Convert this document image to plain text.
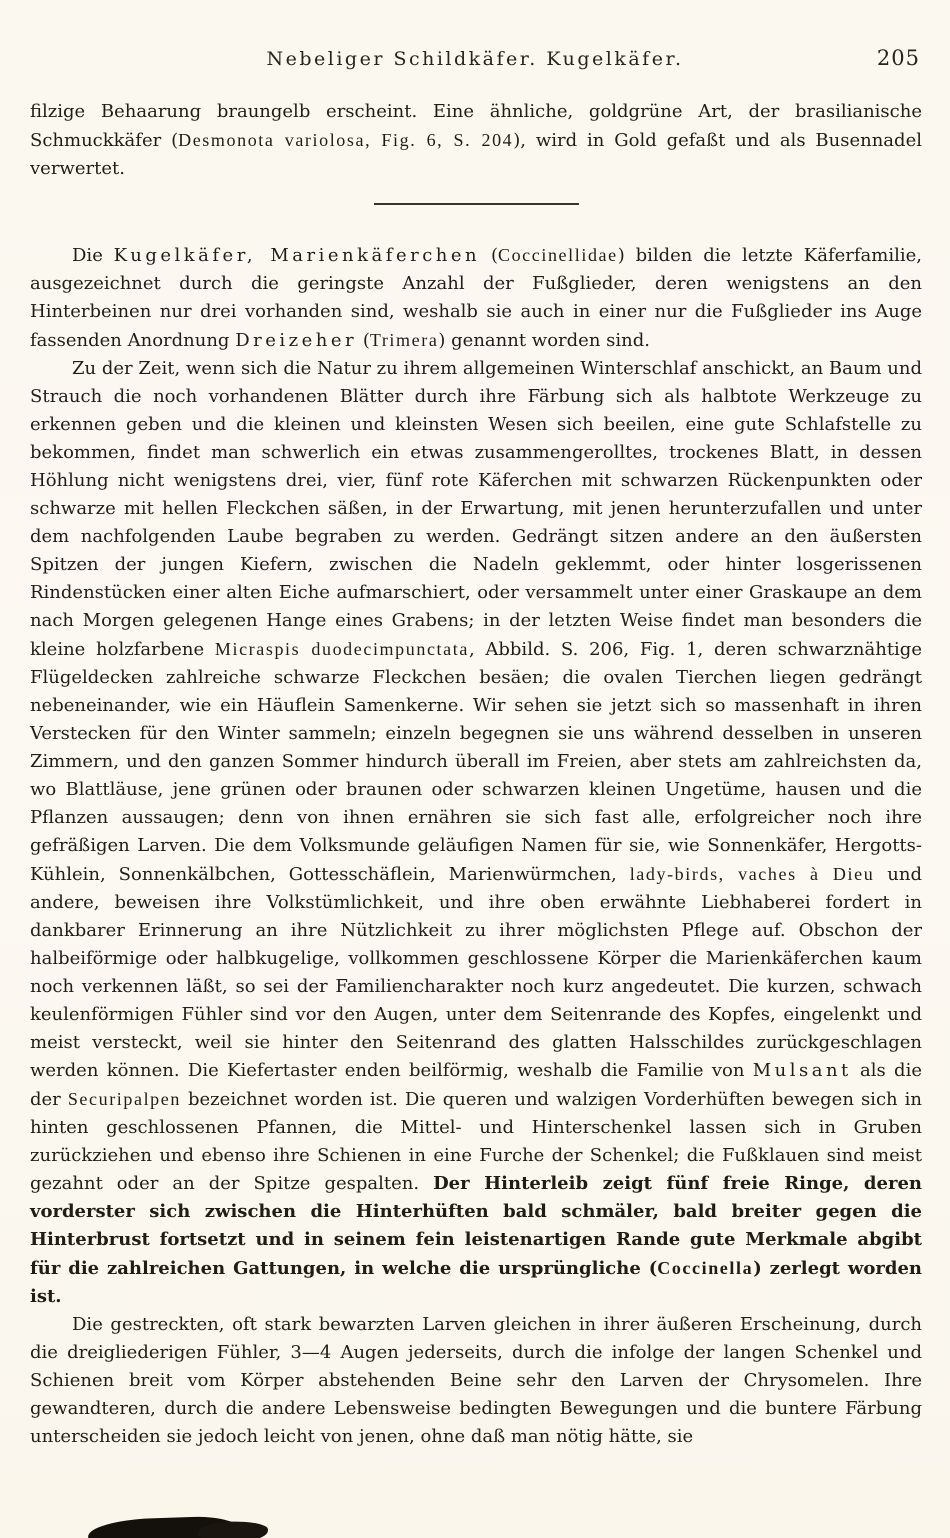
Nebeliger Schildkäfer. Kugelkäfer.	205

filzige Behaarung braungelb erscheint. Eine ähnliche, goldgrüne Art, der brasilianische Schmuckkäfer (Desmonota variolosa, Fig. 6, S. 204), wird in Gold gefaßt und als Busennadel verwertet.

Die Kugelkäfer, Marienkäferchen (Coccinellidae) bilden die letzte Käferfamilie, ausgezeichnet durch die geringste Anzahl der Fußglieder, deren wenigstens an den Hinterbeinen nur drei vorhanden sind, weshalb sie auch in einer nur die Fußglieder ins Auge fassenden Anordnung Dreizeher (Trimera) genannt worden sind.

Zu der Zeit, wenn sich die Natur zu ihrem allgemeinen Winterschlaf anschickt, an Baum und Strauch die noch vorhandenen Blätter durch ihre Färbung sich als halbtote Werkzeuge zu erkennen geben und die kleinen und kleinsten Wesen sich beeilen, eine gute Schlafstelle zu bekommen, findet man schwerlich ein etwas zusammengerolltes, trockenes Blatt, in dessen Höhlung nicht wenigstens drei, vier, fünf rote Käferchen mit schwarzen Rückenpunkten oder schwarze mit hellen Fleckchen säßen, in der Erwartung, mit jenen herunterzufallen und unter dem nachfolgenden Laube begraben zu werden. Gedrängt sitzen andere an den äußersten Spitzen der jungen Kiefern, zwischen die Nadeln geklemmt, oder hinter losgerissenen Rindenstücken einer alten Eiche aufmarschiert, oder versammelt unter einer Graskaupe an dem nach Morgen gelegenen Hange eines Grabens; in der letzten Weise findet man besonders die kleine holzfarbene Micraspis duodecimpunctata, Abbild. S. 206, Fig. 1, deren schwarznähtige Flügeldecken zahlreiche schwarze Fleckchen besäen; die ovalen Tierchen liegen gedrängt nebeneinander, wie ein Häuflein Samenkerne. Wir sehen sie jetzt sich so massenhaft in ihren Verstecken für den Winter sammeln; einzeln begegnen sie uns während desselben in unseren Zimmern, und den ganzen Sommer hindurch überall im Freien, aber stets am zahlreichsten da, wo Blattläuse, jene grünen oder braunen oder schwarzen kleinen Ungetüme, hausen und die Pflanzen aussaugen; denn von ihnen ernähren sie sich fast alle, erfolgreicher noch ihre gefräßigen Larven. Die dem Volksmunde geläufigen Namen für sie, wie Sonnenkäfer, Hergotts-Kühlein, Sonnenkälbchen, Gottesschäflein, Marienwürmchen, lady-birds, vaches à Dieu und andere, beweisen ihre Volkstümlichkeit, und ihre oben erwähnte Liebhaberei fordert in dankbarer Erinnerung an ihre Nützlichkeit zu ihrer möglichsten Pflege auf. Obschon der halbeiförmige oder halbkugelige, vollkommen geschlossene Körper die Marienkäferchen kaum noch verkennen läßt, so sei der Familiencharakter noch kurz angedeutet. Die kurzen, schwach keulenförmigen Fühler sind vor den Augen, unter dem Seitenrande des Kopfes, eingelenkt und meist versteckt, weil sie hinter den Seitenrand des glatten Halsschildes zurückgeschlagen werden können. Die Kiefertaster enden beilförmig, weshalb die Familie von Mulsant als die der Securipalpen bezeichnet worden ist. Die queren und walzigen Vorderhüften bewegen sich in hinten geschlossenen Pfannen, die Mittel- und Hinterschenkel lassen sich in Gruben zurückziehen und ebenso ihre Schienen in eine Furche der Schenkel; die Fußklauen sind meist gezahnt oder an der Spitze gespalten. Der Hinterleib zeigt fünf freie Ringe, deren vorderster sich zwischen die Hinterhüften bald schmäler, bald breiter gegen die Hinterbrust fortsetzt und in seinem fein leistenartigen Rande gute Merkmale abgibt für die zahlreichen Gattungen, in welche die ursprüngliche (Coccinella) zerlegt worden ist.

Die gestreckten, oft stark bewarzten Larven gleichen in ihrer äußeren Erscheinung, durch die dreigliederigen Fühler, 3—4 Augen jederseits, durch die infolge der langen Schenkel und Schienen breit vom Körper abstehenden Beine sehr den Larven der Chrysomelen. Ihre gewandteren, durch die andere Lebensweise bedingten Bewegungen und die buntere Färbung unterscheiden sie jedoch leicht von jenen, ohne daß man nötig hätte, sie
